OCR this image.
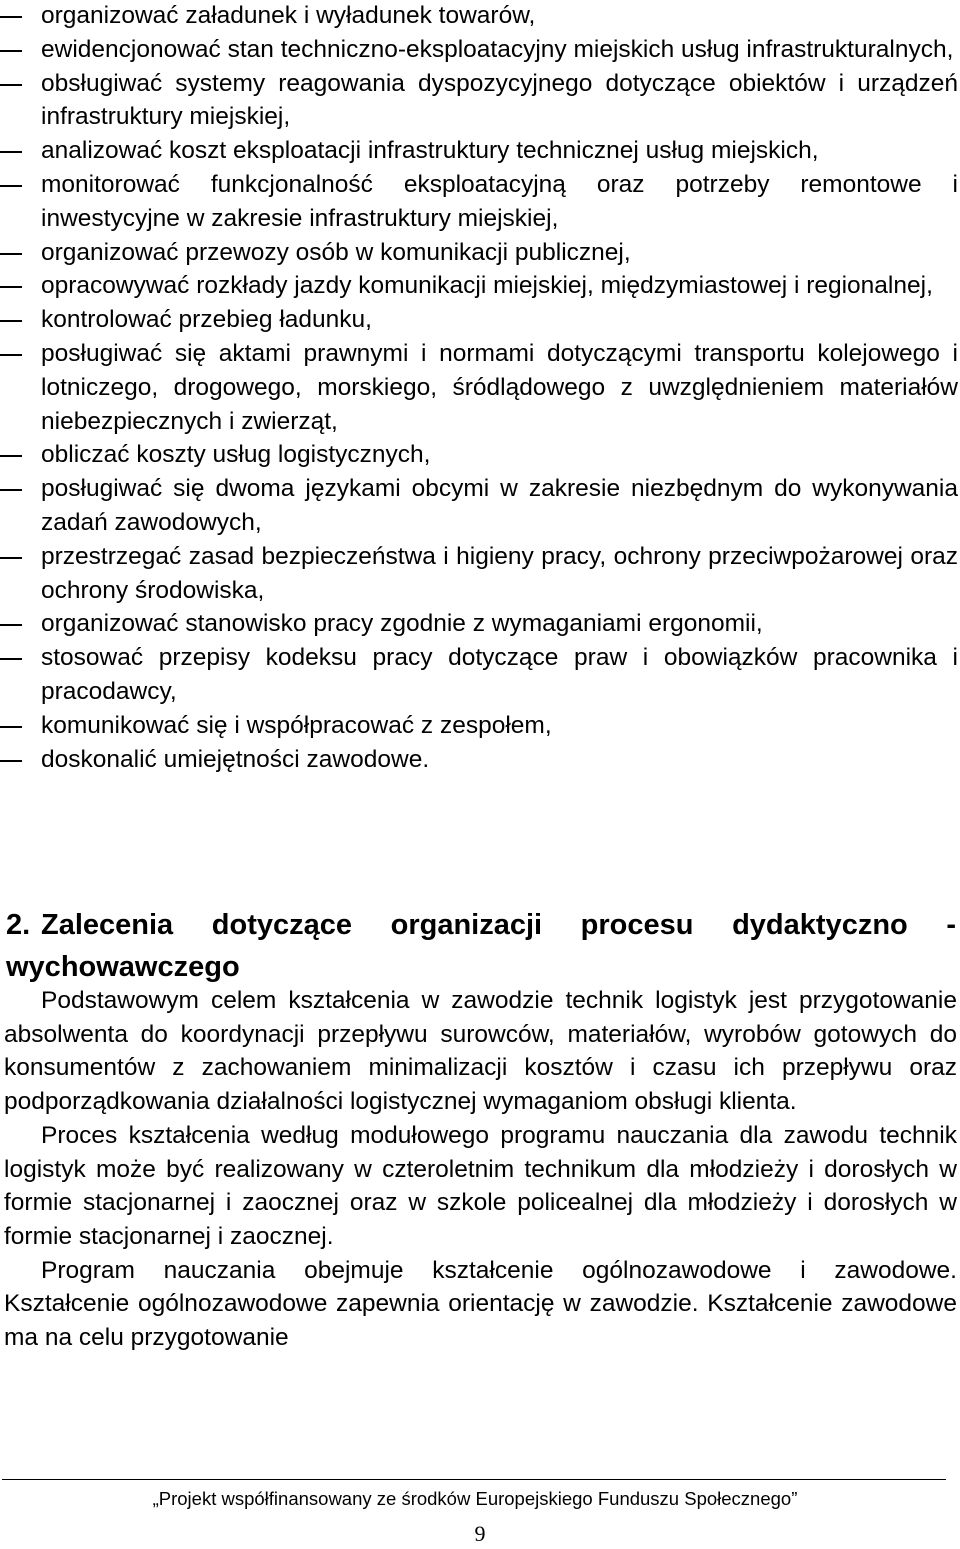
organizować załadunek i wyładunek towarów,
ewidencjonować stan techniczno-eksploatacyjny miejskich usług infrastrukturalnych,
obsługiwać systemy reagowania dyspozycyjnego dotyczące obiektów i urządzeń infrastruktury miejskiej,
analizować koszt eksploatacji infrastruktury technicznej usług miejskich,
monitorować funkcjonalność eksploatacyjną oraz potrzeby remontowe i inwestycyjne w zakresie infrastruktury miejskiej,
organizować przewozy osób w komunikacji publicznej,
opracowywać rozkłady jazdy komunikacji miejskiej, międzymiastowej i regionalnej,
kontrolować przebieg ładunku,
posługiwać się aktami prawnymi i normami dotyczącymi transportu kolejowego i lotniczego, drogowego, morskiego, śródlądowego z uwzględnieniem materiałów niebezpiecznych i zwierząt,
obliczać koszty usług logistycznych,
posługiwać się dwoma językami obcymi w zakresie niezbędnym do wykonywania zadań zawodowych,
przestrzegać zasad bezpieczeństwa i higieny pracy, ochrony przeciwpożarowej oraz ochrony środowiska,
organizować stanowisko pracy zgodnie z wymaganiami ergonomii,
stosować przepisy kodeksu pracy dotyczące praw i obowiązków pracownika i pracodawcy,
komunikować się i współpracować z zespołem,
doskonalić umiejętności zawodowe.
2. Zalecenia dotyczące organizacji procesu dydaktyczno - wychowawczego

Podstawowym celem kształcenia w zawodzie technik logistyk jest przygotowanie absolwenta do koordynacji przepływu surowców, materiałów, wyrobów gotowych do konsumentów z zachowaniem minimalizacji kosztów i czasu ich przepływu oraz podporządkowania działalności logistycznej wymaganiom obsługi klienta.

Proces kształcenia według modułowego programu nauczania dla zawodu technik logistyk może być realizowany w czteroletnim technikum dla młodzieży i dorosłych w formie stacjonarnej i zaocznej oraz w szkole policealnej dla młodzieży i dorosłych w formie stacjonarnej i zaocznej.

Program nauczania obejmuje kształcenie ogólnozawodowe i zawodowe. Kształcenie ogólnozawodowe zapewnia orientację w zawodzie. Kształcenie zawodowe ma na celu przygotowanie

„Projekt współfinansowany ze środków Europejskiego Funduszu Społecznego”
9
